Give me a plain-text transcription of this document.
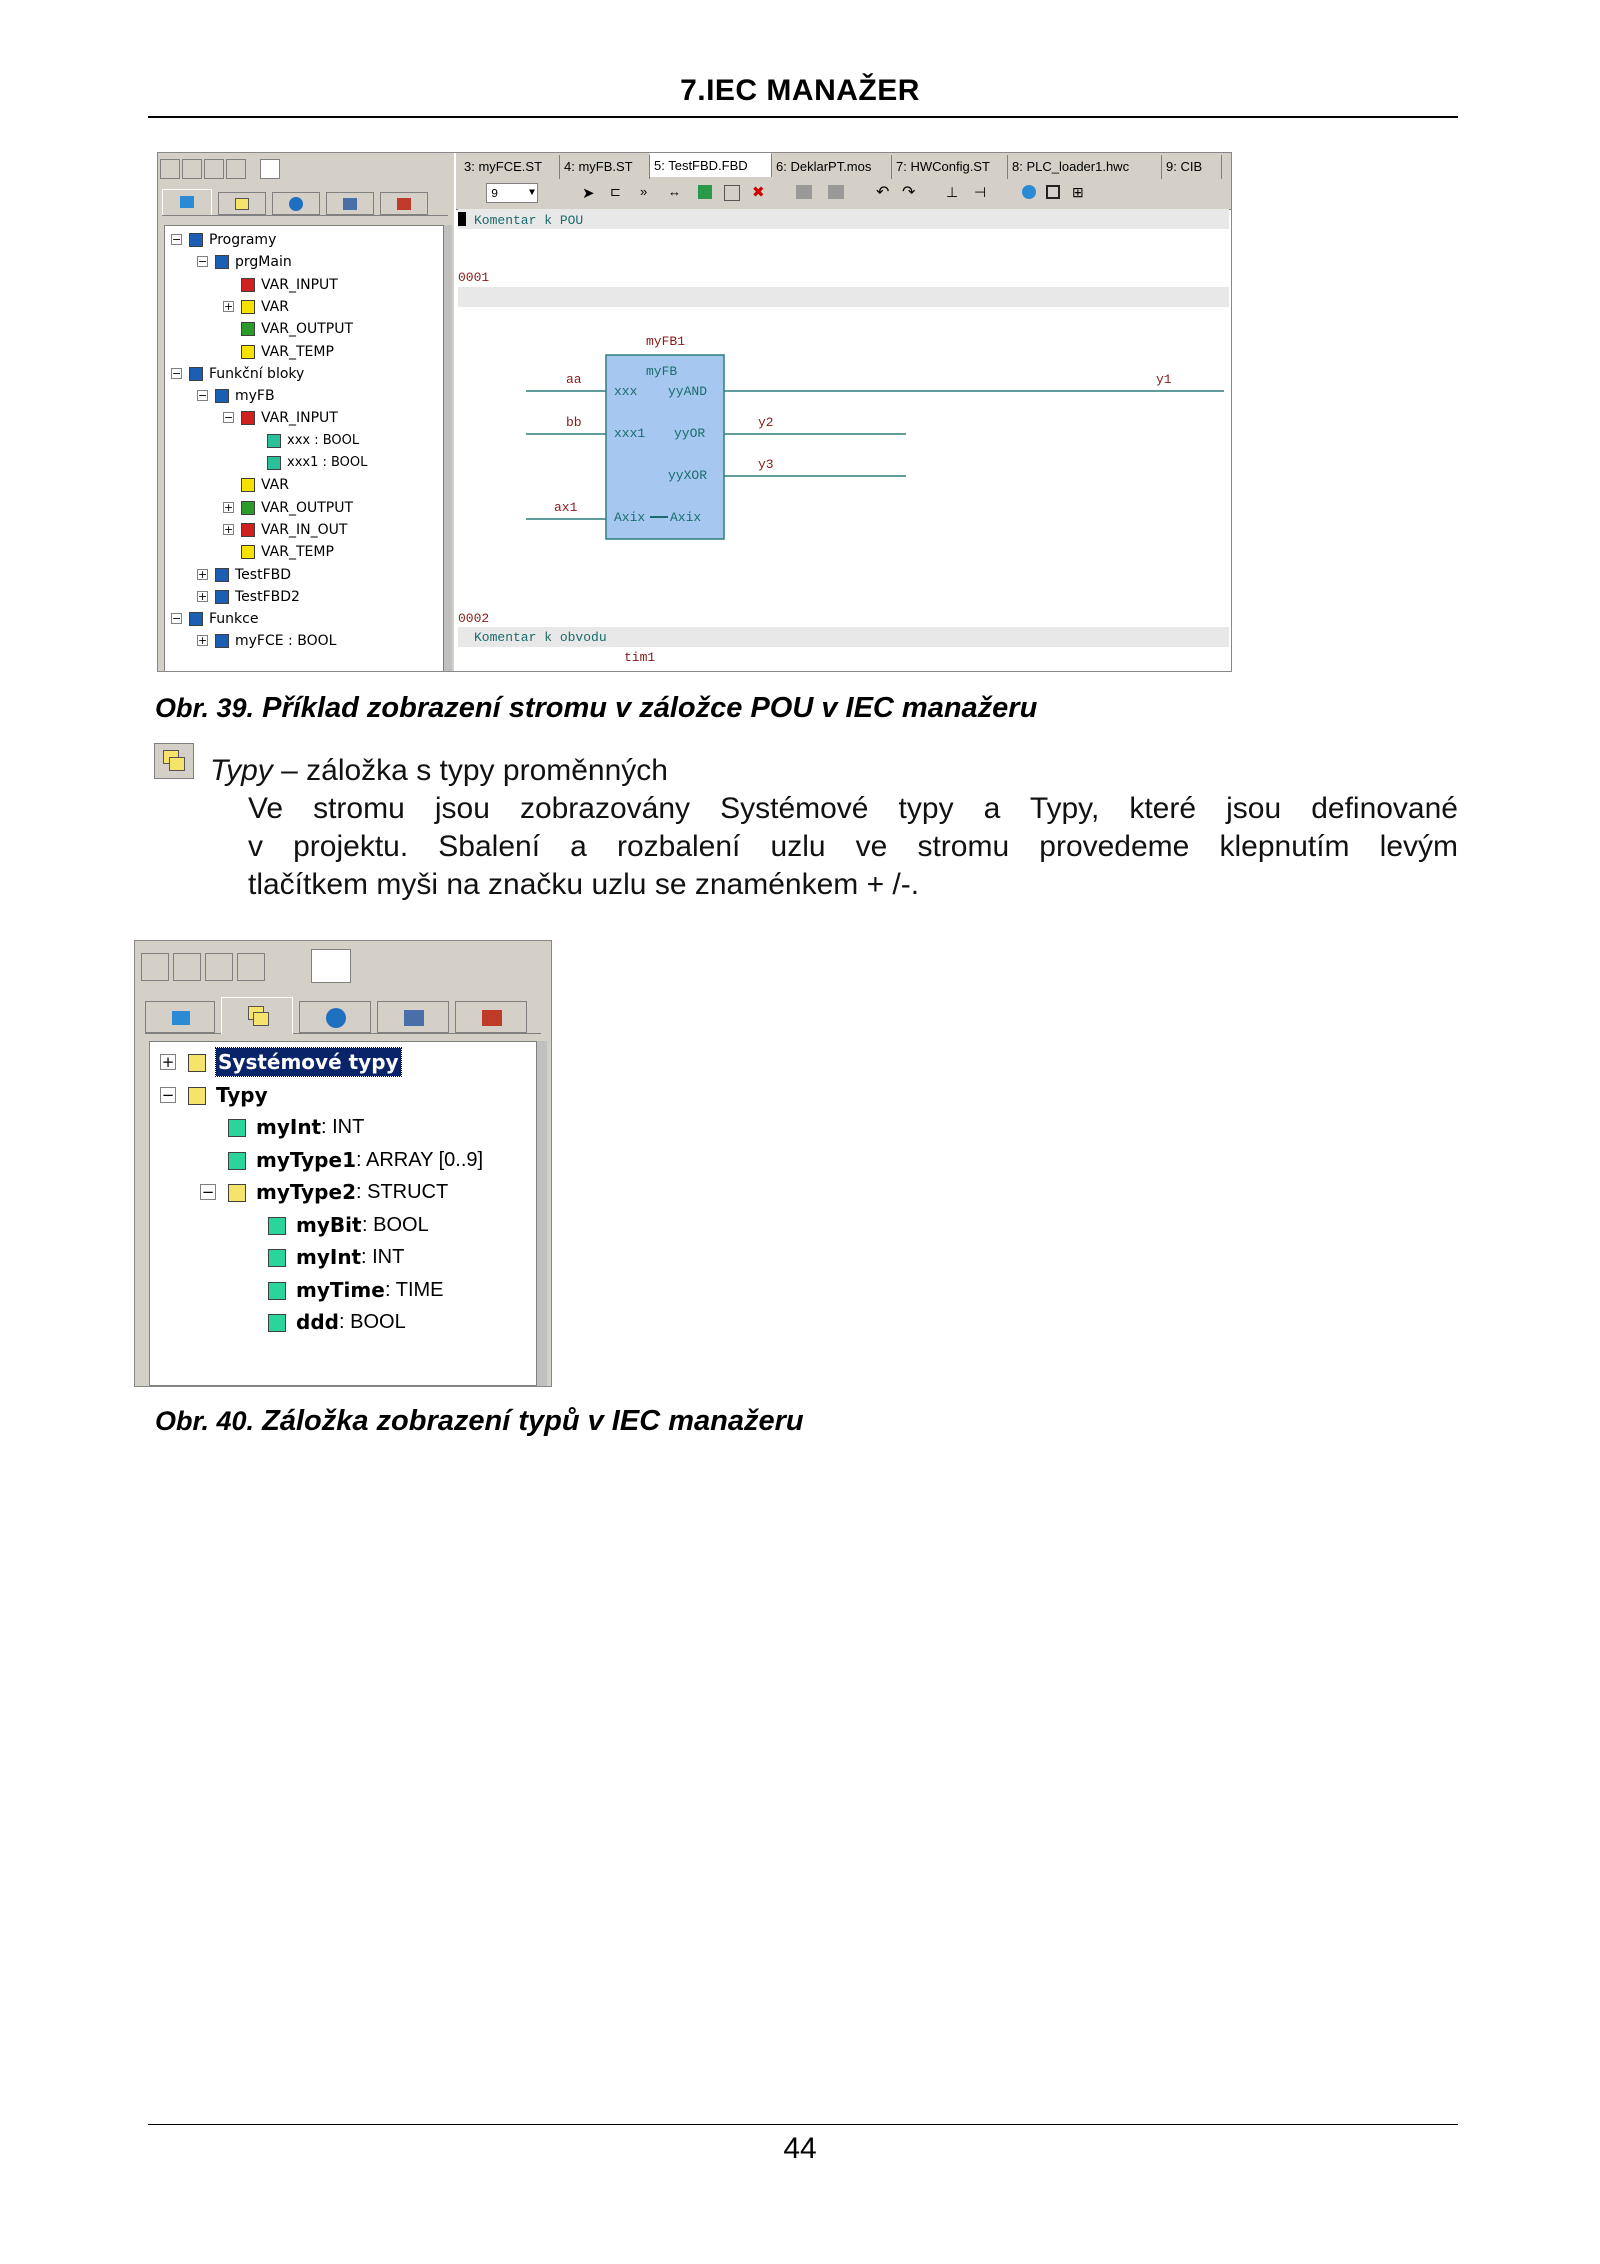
7.IEC MANAŽER
− Programy
− prgMain
VAR_INPUT
+ VAR
VAR_OUTPUT
VAR_TEMP
− Funkční bloky
− myFB
− VAR_INPUT
xxx : BOOL
xxx1 : BOOL
VAR
+ VAR_OUTPUT
+ VAR_IN_OUT
VAR_TEMP
+ TestFBD
+ TestFBD2
− Funkce
+ myFCE : BOOL
3: myFCE.ST	4: myFB.ST	5: TestFBD.FBD	6: DeklarPT.mos	7: HWConfig.ST	8: PLC_loader1.hwc	9: CIB
9	▼	➤ ⊏ » ↔	✖	↶ ↷ ⊥ ⊣	⊞
Komentar k POU
0001
myFB1
myFB
xxx yyAND
xxx1 yyOR
yyXOR
Axix Axix
aa
bb
ax1
y1
y2
y3
0002
Komentar k obvodu
tim1
Obr. 39. Příklad zobrazení stromu v záložce POU v IEC manažeru
Typy – záložka s typy proměnných
Ve stromu jsou zobrazovány Systémové typy a Typy, které jsou definované
v projektu. Sbalení a rozbalení uzlu ve stromu provedeme klepnutím levým
tlačítkem myši na značku uzlu se znaménkem + /-.
+ Systémové typy
− Typy
myInt : INT
myType1 : ARRAY [0..9]
− myType2 : STRUCT
myBit : BOOL
myInt : INT
myTime : TIME
ddd : BOOL
Obr. 40. Záložka zobrazení typů v IEC manažeru
44
